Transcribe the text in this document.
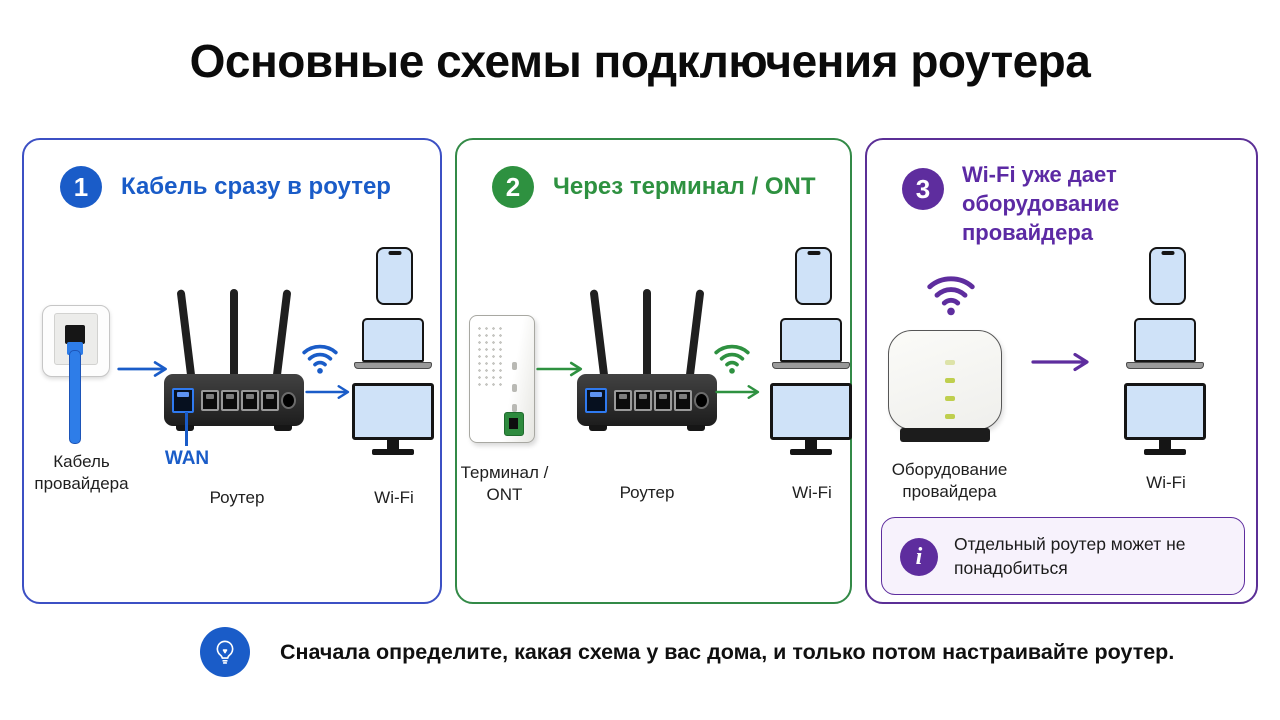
Основные схемы подключения роутера
1	Кабель сразу в роутер
Кабель провайдера
WAN
Роутер	Wi-Fi
2	Через терминал / ONT
Терминал / ONT	Роутер	Wi-Fi
3	Wi-Fi уже дает оборудование провайдера
Оборудование провайдера	Wi-Fi
i	Отдельный роутер может не понадобиться
Сначала определите, какая схема у вас дома, и только потом настраивайте роутер.
